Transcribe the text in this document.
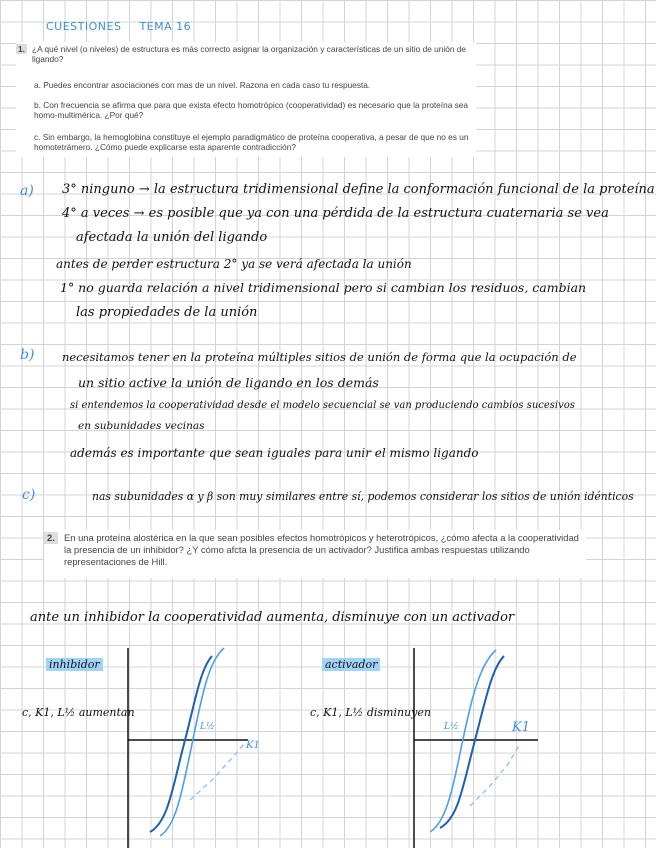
CUESTIONES TEMA 16
1. ¿A qué nivel (o niveles) de estructura es más correcto asignar la organización y características de un sitio de unión de ligando?
a. Puedes encontrar asociaciones con mas de un nivel. Razona en cada caso tu respuesta.
b. Con frecuencia se afirma que para que exista efecto homotrópico (cooperatividad) es necesario que la proteína sea homo-multimérica. ¿Por qué?
c. Sin embargo, la hemoglobina constituye el ejemplo paradigmático de proteína cooperativa, a pesar de que no es un homotetrámero. ¿Cómo puede explicarse esta aparente contradicción?
a) 3° ninguno → la estructura tridimensional define la conformación funcional de la proteína
4° a veces → es posible que ya con una pérdida de la estructura cuaternaria se vea
afectada la unión del ligando
antes de perder estructura 2° ya se verá afectada la unión
1° no guarda relación a nivel tridimensional pero si cambian los residuos, cambian
las propiedades de la unión
b) necesitamos tener en la proteína múltiples sitios de unión de forma que la ocupación de
un sitio active la unión de ligando en los demás
si entendemos la cooperatividad desde el modelo secuencial se van produciendo cambios sucesivos
en subunidades vecinas
además es importante que sean iguales para unir el mismo ligando
c)	nas subunidades α y β son muy similares entre sí, podemos considerar los sitios de unión idénticos
2. En una proteína alostérica en la que sean posibles efectos homotrópicos y heterotrópicos, ¿cómo afecta a la cooperatividad la presencia de un inhibidor? ¿Y cómo afcta la presencia de un activador? Justifica ambas respuestas utilizando representaciones de Hill.
ante un inhibidor la cooperatividad aumenta, disminuye con un activador
inhibidor
c, K1, L½ aumentan
activador
c, K1, L½ disminuyen
L½
K1
L½	K1
